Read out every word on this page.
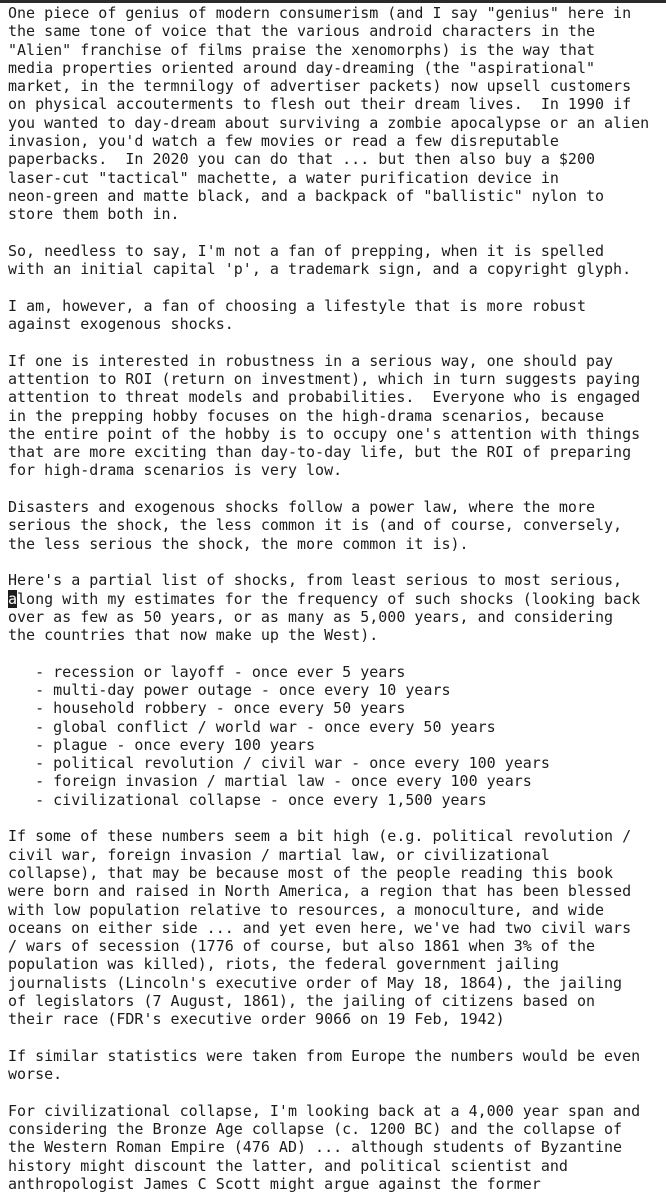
One piece of genius of modern consumerism (and I say "genius" here in
the same tone of voice that the various android characters in the
"Alien" franchise of films praise the xenomorphs) is the way that
media properties oriented around day-dreaming (the "aspirational"
market, in the termnilogy of advertiser packets) now upsell customers
on physical accouterments to flesh out their dream lives.  In 1990 if
you wanted to day-dream about surviving a zombie apocalypse or an alien
invasion, you'd watch a few movies or read a few disreputable
paperbacks.  In 2020 you can do that ... but then also buy a $200
laser-cut "tactical" machette, a water purification device in
neon-green and matte black, and a backpack of "ballistic" nylon to
store them both in.
So, needless to say, I'm not a fan of prepping, when it is spelled
with an initial capital 'p', a trademark sign, and a copyright glyph.
I am, however, a fan of choosing a lifestyle that is more robust
against exogenous shocks.
If one is interested in robustness in a serious way, one should pay
attention to ROI (return on investment), which in turn suggests paying
attention to threat models and probabilities.  Everyone who is engaged
in the prepping hobby focuses on the high-drama scenarios, because
the entire point of the hobby is to occupy one's attention with things
that are more exciting than day-to-day life, but the ROI of preparing
for high-drama scenarios is very low.
Disasters and exogenous shocks follow a power law, where the more
serious the shock, the less common it is (and of course, conversely,
the less serious the shock, the more common it is).
Here's a partial list of shocks, from least serious to most serious,
along with my estimates for the frequency of such shocks (looking back
over as few as 50 years, or as many as 5,000 years, and considering
the countries that now make up the West).
- recession or layoff - once ever 5 years
- multi-day power outage - once every 10 years
- household robbery - once every 50 years
- global conflict / world war - once every 50 years
- plague - once every 100 years
- political revolution / civil war - once every 100 years
- foreign invasion / martial law - once every 100 years
- civilizational collapse - once every 1,500 years
If some of these numbers seem a bit high (e.g. political revolution /
civil war, foreign invasion / martial law, or civilizational
collapse), that may be because most of the people reading this book
were born and raised in North America, a region that has been blessed
with low population relative to resources, a monoculture, and wide
oceans on either side ... and yet even here, we've had two civil wars
/ wars of secession (1776 of course, but also 1861 when 3% of the
population was killed), riots, the federal government jailing
journalists (Lincoln's executive order of May 18, 1864), the jailing
of legislators (7 August, 1861), the jailing of citizens based on
their race (FDR's executive order 9066 on 19 Feb, 1942)
If similar statistics were taken from Europe the numbers would be even
worse.
For civilizational collapse, I'm looking back at a 4,000 year span and
considering the Bronze Age collapse (c. 1200 BC) and the collapse of
the Western Roman Empire (476 AD) ... although students of Byzantine
history might discount the latter, and political scientist and
anthropologist James C Scott might argue against the former
